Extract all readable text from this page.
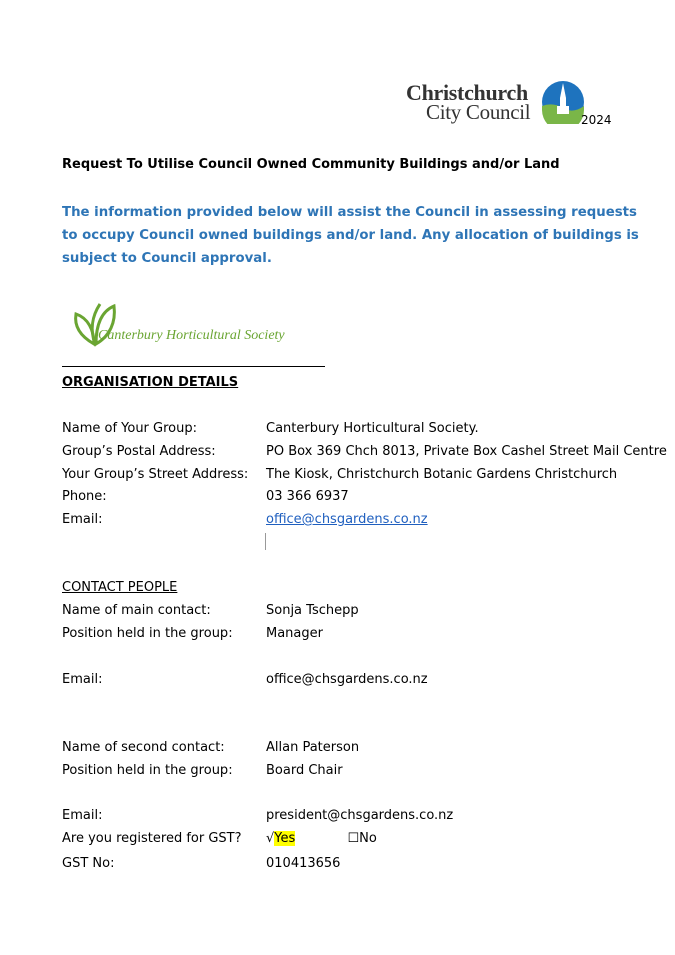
Christchurch
City Council	2024
Request To Utilise Council Owned Community Buildings and/or Land
The information provided below will assist the Council in assessing requests to occupy Council owned buildings and/or land. Any allocation of buildings is subject to Council approval.
Canterbury Horticultural Society
ORGANISATION DETAILS
Name of Your Group:	Canterbury Horticultural Society.
Group’s Postal Address:	PO Box 369 Chch 8013, Private Box Cashel Street Mail Centre
Your Group’s Street Address: The Kiosk, Christchurch Botanic Gardens Christchurch
Phone:	03 366 6937
Email:	office@chsgardens.co.nz
CONTACT PEOPLE
Name of main contact:	Sonja Tschepp
Position held in the group:	Manager
Email:	office@chsgardens.co.nz
Name of second contact:	Allan Paterson
Position held in the group:	Board Chair
Email:	president@chsgardens.co.nz
Are you registered for GST? √Yes	☐No
GST No:	010413656
